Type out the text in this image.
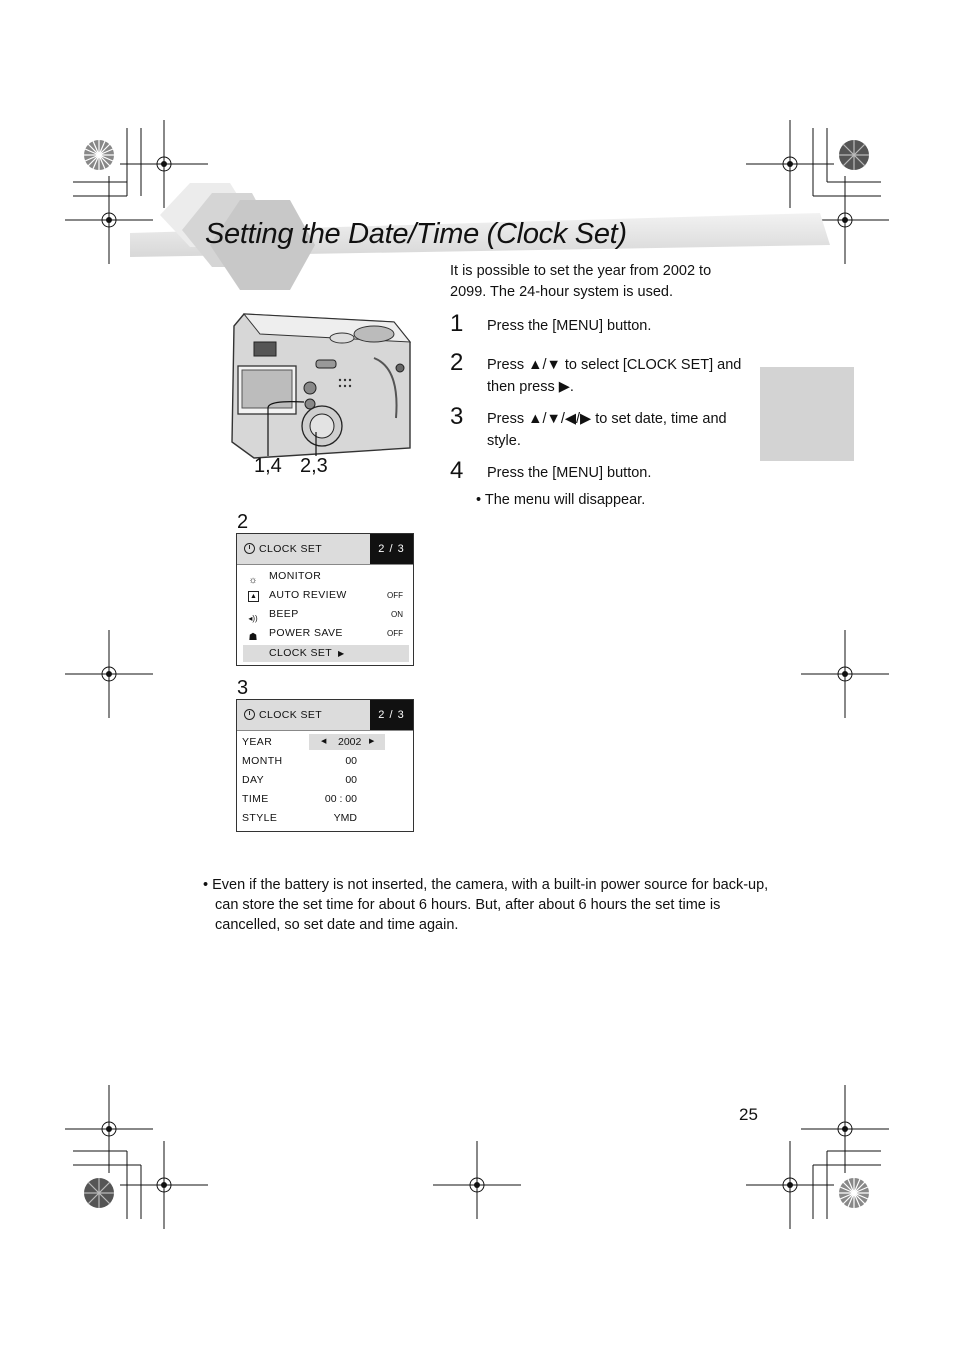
Setting the Date/Time (Clock Set)
It is possible to set the year from 2002 to 2099. The 24-hour system is used.
1 Press the [MENU] button.
2 Press ▲/▼ to select [CLOCK SET] and then press ▶.
3 Press ▲/▼/◀/▶ to set date, time and style.
4 Press the [MENU] button.
• The menu will disappear.
1,4 2,3
2
CLOCK SET	2 / 3
☼ MONITOR
▲ AUTO REVIEW	OFF
◂)) BEEP	ON
☗ POWER SAVE	OFF
CLOCK SET ▶
3
CLOCK SET	2 / 3
YEAR	◀ 2002 ▶
MONTH	00
DAY	00
TIME	00 : 00
STYLE	YMD
• Even if the battery is not inserted, the camera, with a built-in power source for back-up, can store the set time for about 6 hours. But, after about 6 hours the set time is cancelled, so set date and time again.
25
